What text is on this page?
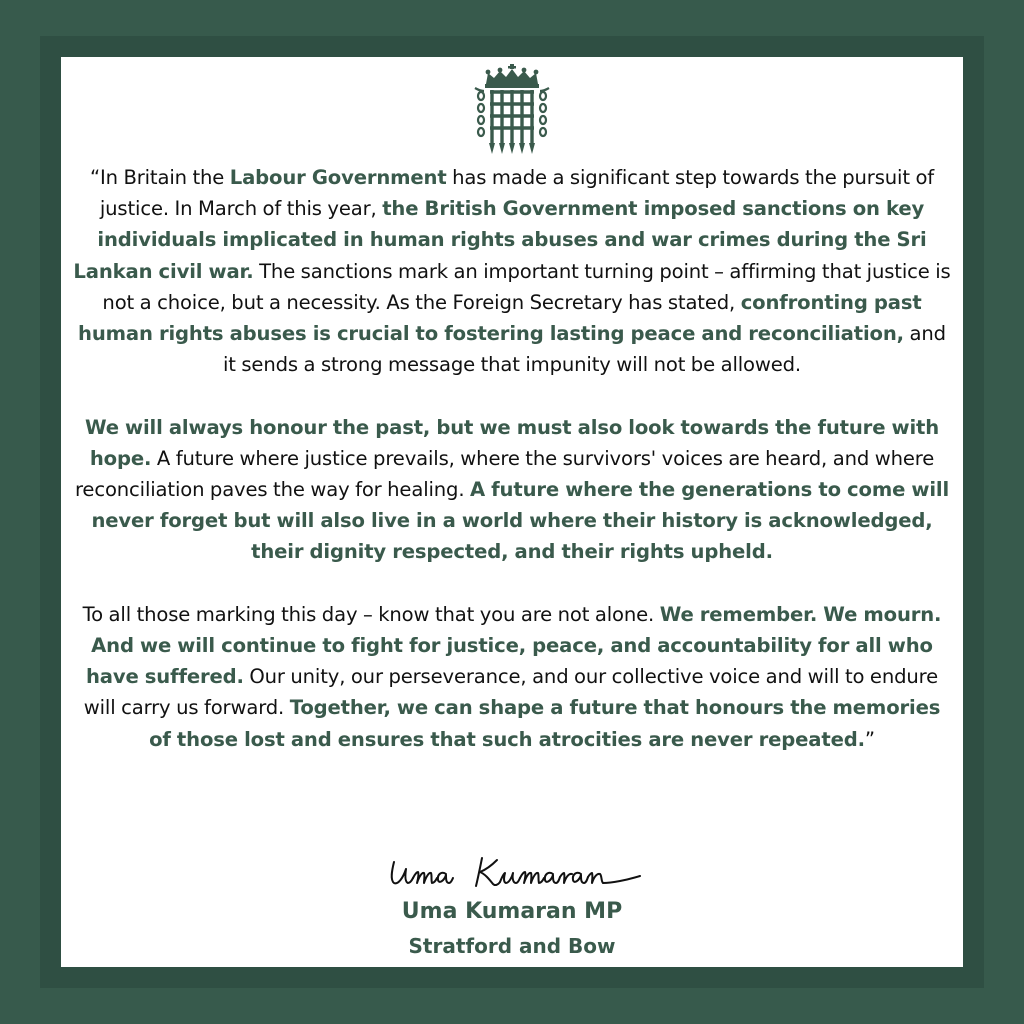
“In Britain the Labour Government has made a significant step towards the pursuit of justice. In March of this year, the British Government imposed sanctions on key individuals implicated in human rights abuses and war crimes during the Sri Lankan civil war. The sanctions mark an important turning point – affirming that justice is not a choice, but a necessity. As the Foreign Secretary has stated, confronting past human rights abuses is crucial to fostering lasting peace and reconciliation, and it sends a strong message that impunity will not be allowed.

We will always honour the past, but we must also look towards the future with hope. A future where justice prevails, where the survivors' voices are heard, and where reconciliation paves the way for healing. A future where the generations to come will never forget but will also live in a world where their history is acknowledged, their dignity respected, and their rights upheld.

To all those marking this day – know that you are not alone. We remember. We mourn. And we will continue to fight for justice, peace, and accountability for all who have suffered. Our unity, our perseverance, and our collective voice and will to endure will carry us forward. Together, we can shape a future that honours the memories of those lost and ensures that such atrocities are never repeated.”

Uma Kumaran MP
Stratford and Bow
